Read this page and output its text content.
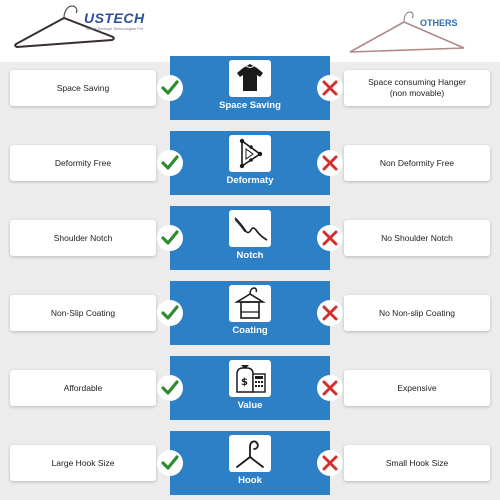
USTECH
Smart Storage Technologies Pvt
OTHERS
Space Saving
Space Saving
Space consuming Hanger
(non movable)
Deformity Free
Deformaty
Non Deformity Free
Shoulder Notch
Notch
No Shoulder Notch
Non-Slip Coating
Coating
No Non-slip Coating
Affordable	$
Value
Expensive
Large Hook Size
Hook
Small Hook Size
